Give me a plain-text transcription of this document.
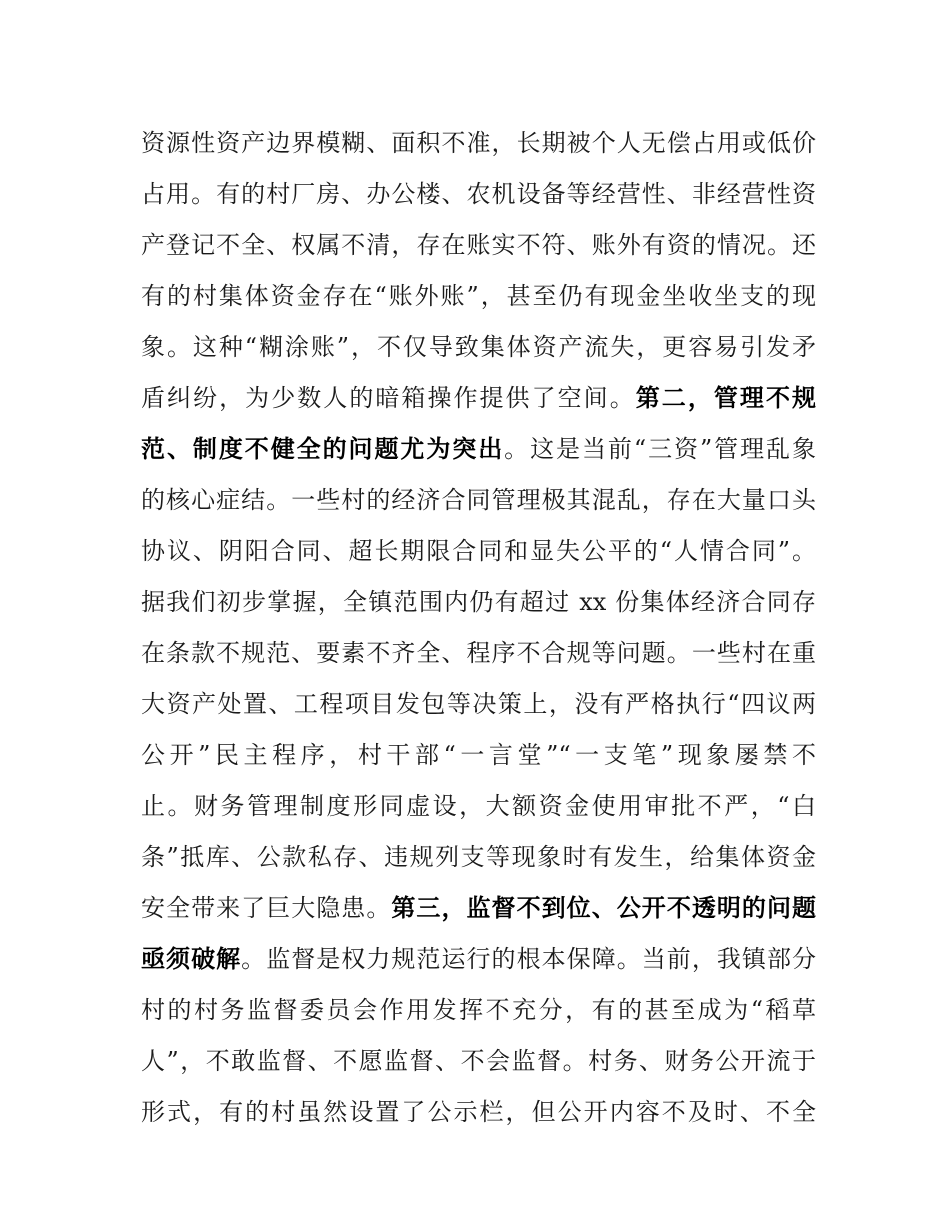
资源性资产边界模糊、面积不准，长期被个人无偿占用或低价
占用。有的村厂房、办公楼、农机设备等经营性、非经营性资
产登记不全、权属不清，存在账实不符、账外有资的情况。还
有的村集体资金存在“账外账”，甚至仍有现金坐收坐支的现
象。这种“糊涂账”，不仅导致集体资产流失，更容易引发矛
盾纠纷，为少数人的暗箱操作提供了空间。第二，管理不规
范、制度不健全的问题尤为突出。这是当前“三资”管理乱象
的核心症结。一些村的经济合同管理极其混乱，存在大量口头
协议、阴阳合同、超长期限合同和显失公平的“人情合同”。
据我们初步掌握，全镇范围内仍有超过 xx 份集体经济合同存
在条款不规范、要素不齐全、程序不合规等问题。一些村在重
大资产处置、工程项目发包等决策上，没有严格执行“四议两
公开”民主程序，村干部“一言堂”“一支笔”现象屡禁不
止。财务管理制度形同虚设，大额资金使用审批不严，“白
条”抵库、公款私存、违规列支等现象时有发生，给集体资金
安全带来了巨大隐患。第三，监督不到位、公开不透明的问题
亟须破解。监督是权力规范运行的根本保障。当前，我镇部分
村的村务监督委员会作用发挥不充分，有的甚至成为“稻草
人”，不敢监督、不愿监督、不会监督。村务、财务公开流于
形式，有的村虽然设置了公示栏，但公开内容不及时、不全
